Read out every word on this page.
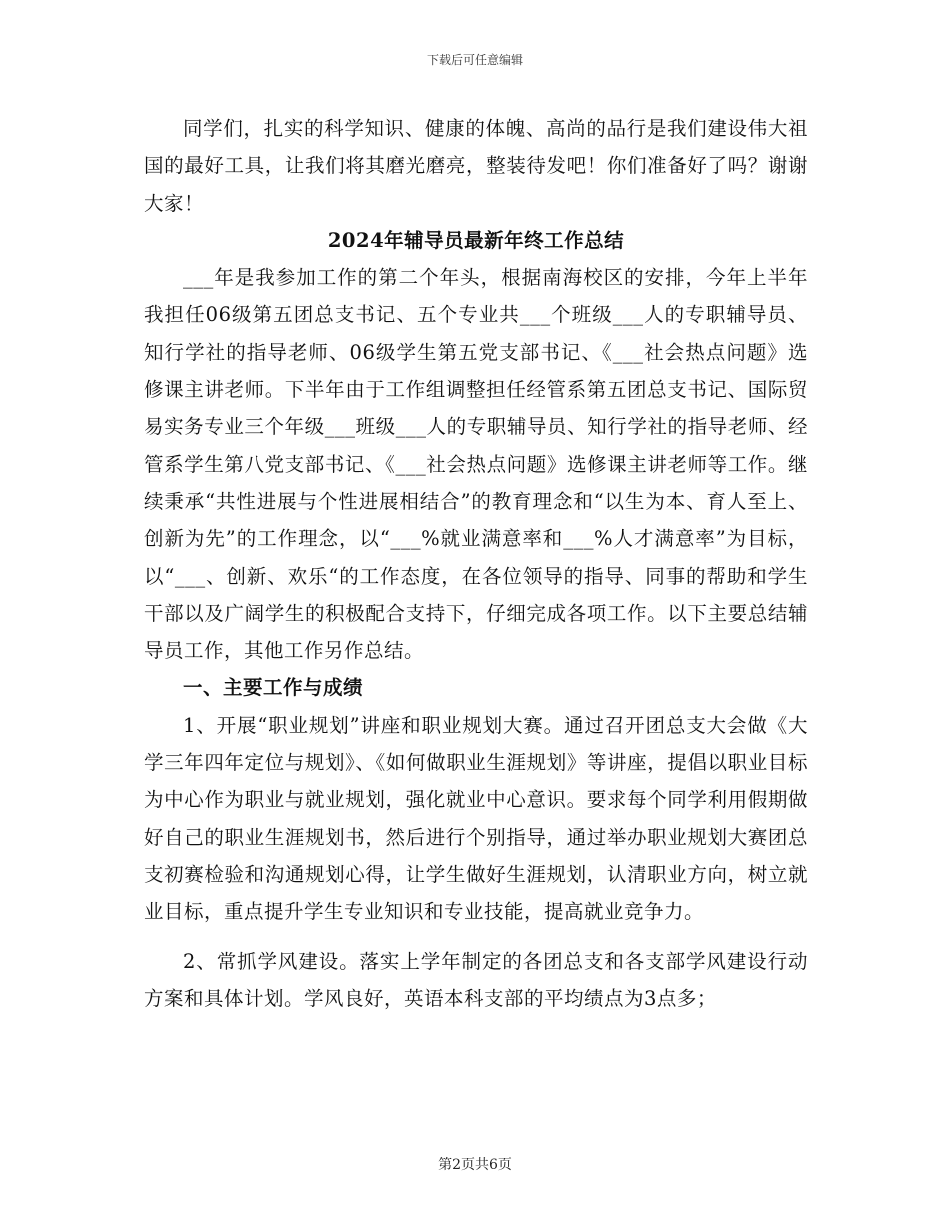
下载后可任意编辑

同学们，扎实的科学知识、健康的体魄、高尚的品行是我们建设伟大祖国的最好工具，让我们将其磨光磨亮，整装待发吧！你们准备好了吗？谢谢大家！

2024年辅导员最新年终工作总结

___年是我参加工作的第二个年头，根据南海校区的安排，今年上半年我担任06级第五团总支书记、五个专业共___个班级___人的专职辅导员、知行学社的指导老师、06级学生第五党支部书记、《___社会热点问题》选修课主讲老师。下半年由于工作组调整担任经管系第五团总支书记、国际贸易实务专业三个年级___班级___人的专职辅导员、知行学社的指导老师、经管系学生第八党支部书记、《___社会热点问题》选修课主讲老师等工作。继续秉承“共性进展与个性进展相结合”的教育理念和“以生为本、育人至上、创新为先”的工作理念，以“___%就业满意率和___%人才满意率”为目标，以“___、创新、欢乐“的工作态度，在各位领导的指导、同事的帮助和学生干部以及广阔学生的积极配合支持下，仔细完成各项工作。以下主要总结辅导员工作，其他工作另作总结。

一、主要工作与成绩

1、开展“职业规划”讲座和职业规划大赛。通过召开团总支大会做《大学三年四年定位与规划》、《如何做职业生涯规划》等讲座，提倡以职业目标为中心作为职业与就业规划，强化就业中心意识。要求每个同学利用假期做好自己的职业生涯规划书，然后进行个别指导，通过举办职业规划大赛团总支初赛检验和沟通规划心得，让学生做好生涯规划，认清职业方向，树立就业目标，重点提升学生专业知识和专业技能，提高就业竞争力。

2、常抓学风建设。落实上学年制定的各团总支和各支部学风建设行动方案和具体计划。学风良好，英语本科支部的平均绩点为3点多；

第2页共6页
